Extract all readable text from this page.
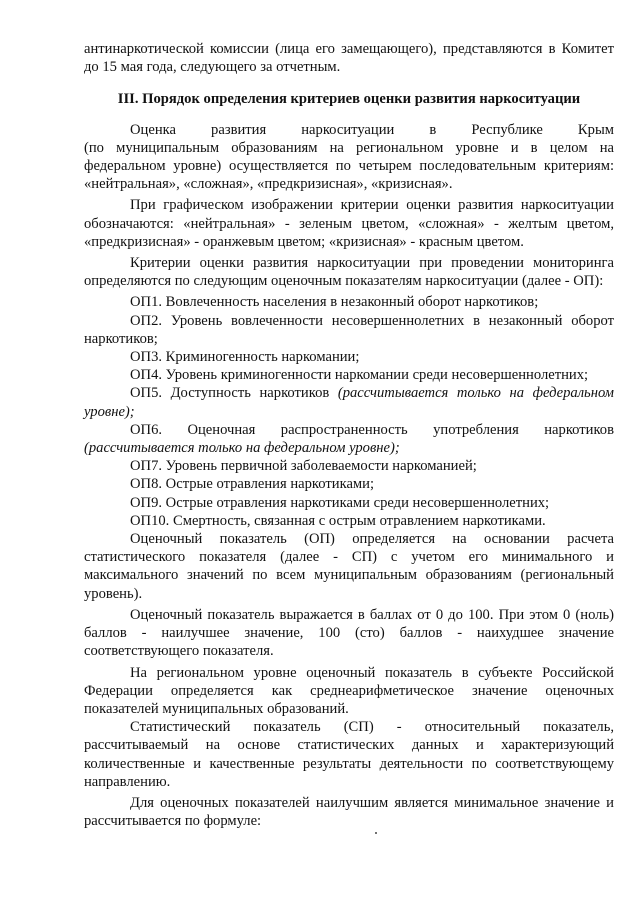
антинаркотической комиссии (лица его замещающего), представляются в Комитет до 15 мая года, следующего за отчетным.

III. Порядок определения критериев оценки развития наркоситуации

Оценка развития наркоситуации в Республике Крым

(по муниципальным образованиям на региональном уровне и в целом на федеральном уровне) осуществляется по четырем последовательным критериям: «нейтральная», «сложная», «предкризисная», «кризисная».

При графическом изображении критерии оценки развития наркоситуации обозначаются: «нейтральная» - зеленым цветом, «сложная» - желтым цветом, «предкризисная» - оранжевым цветом; «кризисная» - красным цветом.

Критерии оценки развития наркоситуации при проведении мониторинга определяются по следующим оценочным показателям наркоситуации (далее - ОП):

ОП1. Вовлеченность населения в незаконный оборот наркотиков;

ОП2. Уровень вовлеченности несовершеннолетних в незаконный оборот наркотиков;

ОП3. Криминогенность наркомании;

ОП4. Уровень криминогенности наркомании среди несовершеннолетних;

ОП5. Доступность наркотиков (рассчитывается только на федеральном уровне);

ОП6. Оценочная распространенность употребления наркотиков (рассчитывается только на федеральном уровне);

ОП7. Уровень первичной заболеваемости наркоманией;

ОП8. Острые отравления наркотиками;

ОП9. Острые отравления наркотиками среди несовершеннолетних;

ОП10. Смертность, связанная с острым отравлением наркотиками.

Оценочный показатель (ОП) определяется на основании расчета статистического показателя (далее - СП) с учетом его минимального и максимального значений по всем муниципальным образованиям (региональный уровень).

Оценочный показатель выражается в баллах от 0 до 100. При этом 0 (ноль) баллов - наилучшее значение, 100 (сто) баллов - наихудшее значение соответствующего показателя.

На региональном уровне оценочный показатель в субъекте Российской Федерации определяется как среднеарифметическое значение оценочных показателей муниципальных образований.

Статистический показатель (СП) - относительный показатель, рассчитываемый на основе статистических данных и характеризующий количественные и качественные результаты деятельности по соответствующему направлению.

Для оценочных показателей наилучшим является минимальное значение и рассчитывается по формуле:
